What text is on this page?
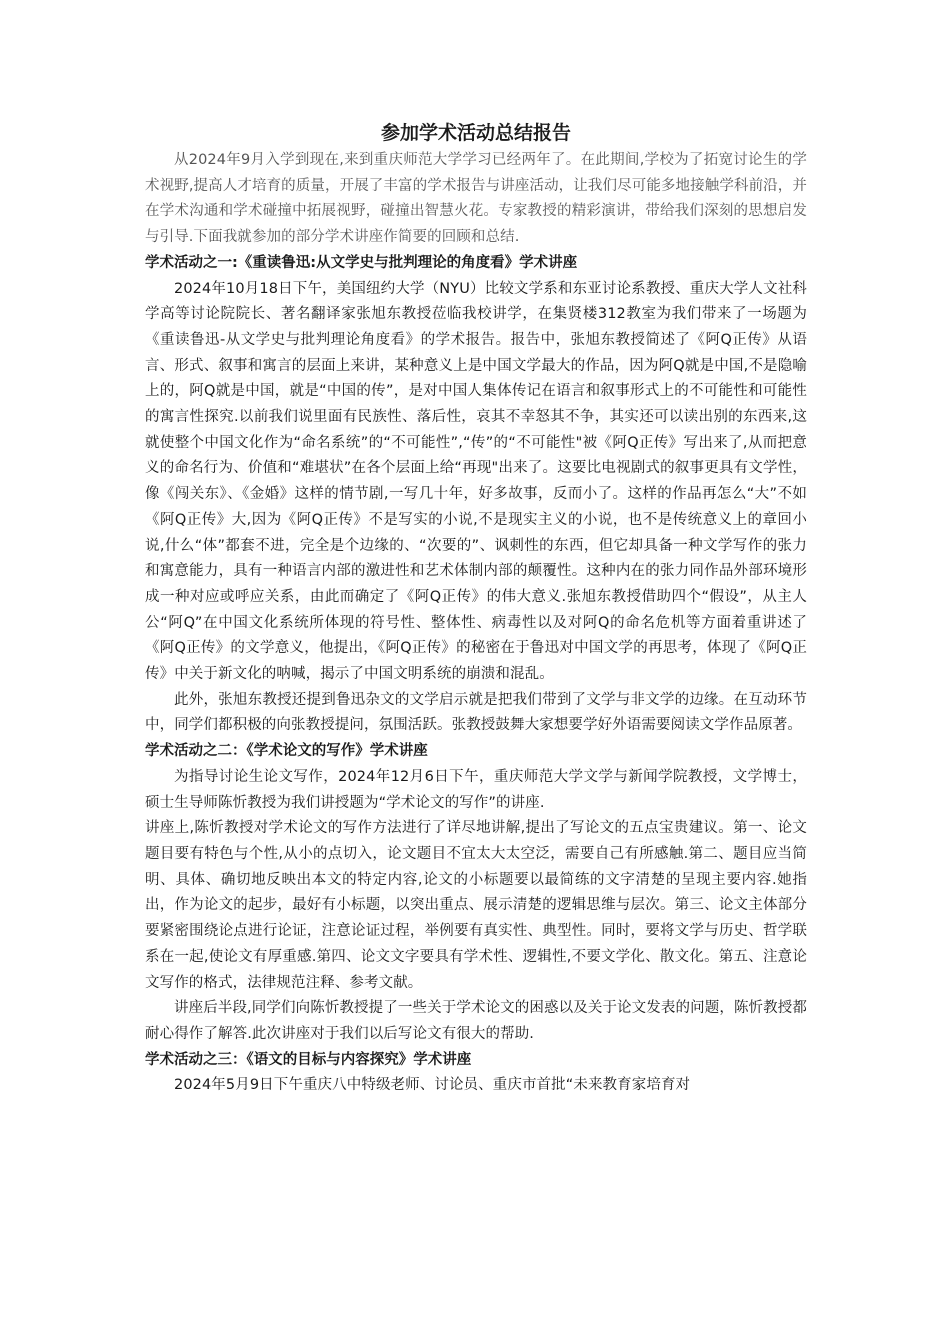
参加学术活动总结报告

从2024年9月入学到现在,来到重庆师范大学学习已经两年了。在此期间,学校为了拓宽讨论生的学术视野,提高人才培育的质量，开展了丰富的学术报告与讲座活动，让我们尽可能多地接触学科前沿，并在学术沟通和学术碰撞中拓展视野，碰撞出智慧火花。专家教授的精彩演讲，带给我们深刻的思想启发与引导.下面我就参加的部分学术讲座作简要的回顾和总结.

学术活动之一:《重读鲁迅:从文学史与批判理论的角度看》学术讲座

2024年10月18日下午，美国纽约大学（NYU）比较文学系和东亚讨论系教授、重庆大学人文社科学高等讨论院院长、著名翻译家张旭东教授莅临我校讲学，在集贤楼312教室为我们带来了一场题为《重读鲁迅-从文学史与批判理论角度看》的学术报告。报告中，张旭东教授简述了《阿Q正传》从语言、形式、叙事和寓言的层面上来讲，某种意义上是中国文学最大的作品，因为阿Q就是中国,不是隐喻上的，阿Q就是中国，就是“中国的传”，是对中国人集体传记在语言和叙事形式上的不可能性和可能性的寓言性探究.以前我们说里面有民族性、落后性，哀其不幸怒其不争，其实还可以读出别的东西来,这就使整个中国文化作为“命名系统”的“不可能性”,“传”的“不可能性"被《阿Q正传》写出来了,从而把意义的命名行为、价值和“难堪状”在各个层面上给“再现"出来了。这要比电视剧式的叙事更具有文学性，像《闯关东》、《金婚》这样的情节剧,一写几十年，好多故事，反而小了。这样的作品再怎么“大”不如《阿Q正传》大,因为《阿Q正传》不是写实的小说,不是现实主义的小说，也不是传统意义上的章回小说,什么“体”都套不进，完全是个边缘的、“次要的”、讽刺性的东西，但它却具备一种文学写作的张力和寓意能力，具有一种语言内部的激进性和艺术体制内部的颠覆性。这种内在的张力同作品外部环境形成一种对应或呼应关系，由此而确定了《阿Q正传》的伟大意义.张旭东教授借助四个“假设”，从主人公“阿Q”在中国文化系统所体现的符号性、整体性、病毒性以及对阿Q的命名危机等方面着重讲述了《阿Q正传》的文学意义，他提出，《阿Q正传》的秘密在于鲁迅对中国文学的再思考，体现了《阿Q正传》中关于新文化的呐喊，揭示了中国文明系统的崩溃和混乱。

此外，张旭东教授还提到鲁迅杂文的文学启示就是把我们带到了文学与非文学的边缘。在互动环节中，同学们都积极的向张教授提问，氛围活跃。张教授鼓舞大家想要学好外语需要阅读文学作品原著。

学术活动之二：《学术论文的写作》学术讲座

为指导讨论生论文写作，2024年12月6日下午，重庆师范大学文学与新闻学院教授，文学博士，硕士生导师陈忻教授为我们讲授题为“学术论文的写作”的讲座.

讲座上,陈忻教授对学术论文的写作方法进行了详尽地讲解,提出了写论文的五点宝贵建议。第一、论文题目要有特色与个性,从小的点切入，论文题目不宜太大太空泛，需要自己有所感触.第二、题目应当简明、具体、确切地反映出本文的特定内容,论文的小标题要以最简练的文字清楚的呈现主要内容.她指出，作为论文的起步，最好有小标题，以突出重点、展示清楚的逻辑思维与层次。第三、论文主体部分要紧密围绕论点进行论证，注意论证过程，举例要有真实性、典型性。同时，要将文学与历史、哲学联系在一起,使论文有厚重感.第四、论文文字要具有学术性、逻辑性,不要文学化、散文化。第五、注意论文写作的格式，法律规范注释、参考文献。

讲座后半段,同学们向陈忻教授提了一些关于学术论文的困惑以及关于论文发表的问题，陈忻教授都耐心得作了解答.此次讲座对于我们以后写论文有很大的帮助.

学术活动之三：《语文的目标与内容探究》学术讲座

2024年5月9日下午重庆八中特级老师、讨论员、重庆市首批“未来教育家培育对
